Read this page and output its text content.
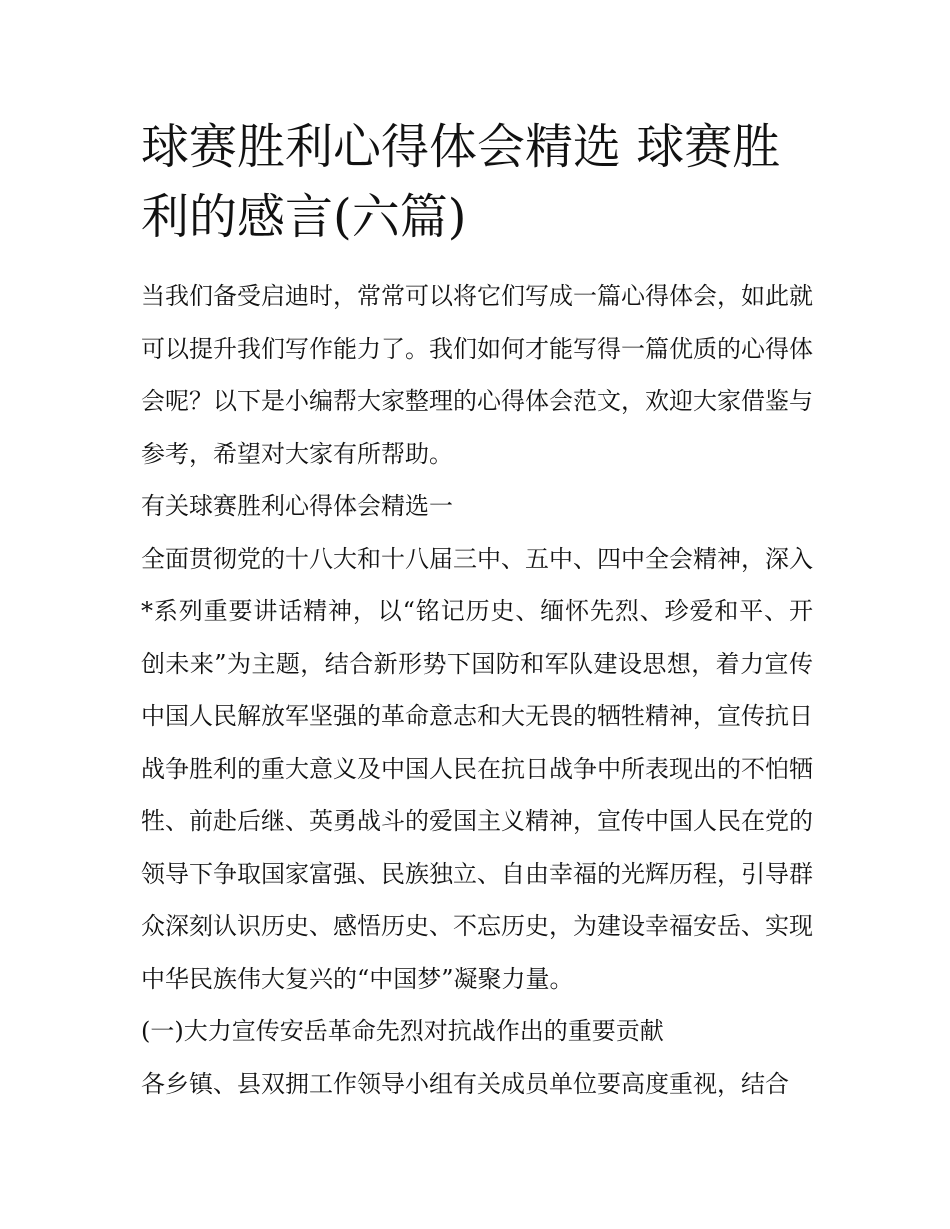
球赛胜利心得体会精选 球赛胜利的感言(六篇)

当我们备受启迪时，常常可以将它们写成一篇心得体会，如此就可以提升我们写作能力了。我们如何才能写得一篇优质的心得体会呢？以下是小编帮大家整理的心得体会范文，欢迎大家借鉴与参考，希望对大家有所帮助。

有关球赛胜利心得体会精选一

全面贯彻党的十八大和十八届三中、五中、四中全会精神，深入*系列重要讲话精神，以“铭记历史、缅怀先烈、珍爱和平、开创未来”为主题，结合新形势下国防和军队建设思想，着力宣传中国人民解放军坚强的革命意志和大无畏的牺牲精神，宣传抗日战争胜利的重大意义及中国人民在抗日战争中所表现出的不怕牺牲、前赴后继、英勇战斗的爱国主义精神，宣传中国人民在党的领导下争取国家富强、民族独立、自由幸福的光辉历程，引导群众深刻认识历史、感悟历史、不忘历史，为建设幸福安岳、实现中华民族伟大复兴的“中国梦”凝聚力量。

(一)大力宣传安岳革命先烈对抗战作出的重要贡献

各乡镇、县双拥工作领导小组有关成员单位要高度重视，结合
